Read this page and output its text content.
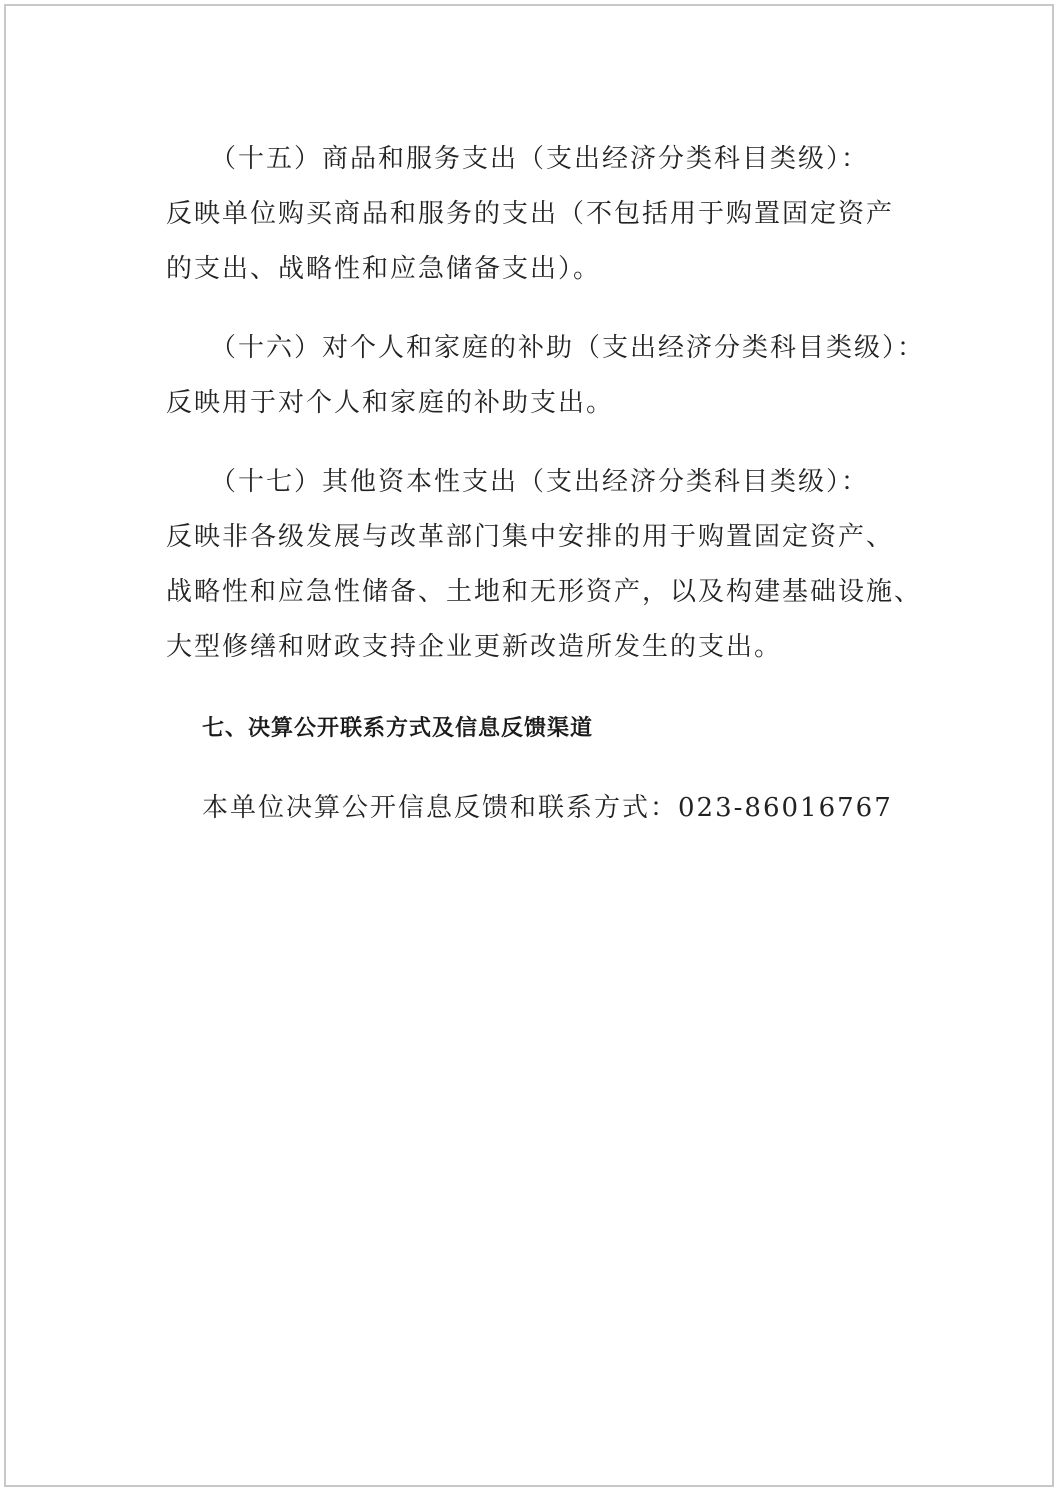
（十五）商品和服务支出（支出经济分类科目类级）：
反映单位购买商品和服务的支出（不包括用于购置固定资产
的支出、战略性和应急储备支出）。
（十六）对个人和家庭的补助（支出经济分类科目类级）：
反映用于对个人和家庭的补助支出。
（十七）其他资本性支出（支出经济分类科目类级）：
反映非各级发展与改革部门集中安排的用于购置固定资产、
战略性和应急性储备、土地和无形资产，以及构建基础设施、
大型修缮和财政支持企业更新改造所发生的支出。
七、决算公开联系方式及信息反馈渠道
本单位决算公开信息反馈和联系方式：023-86016767
